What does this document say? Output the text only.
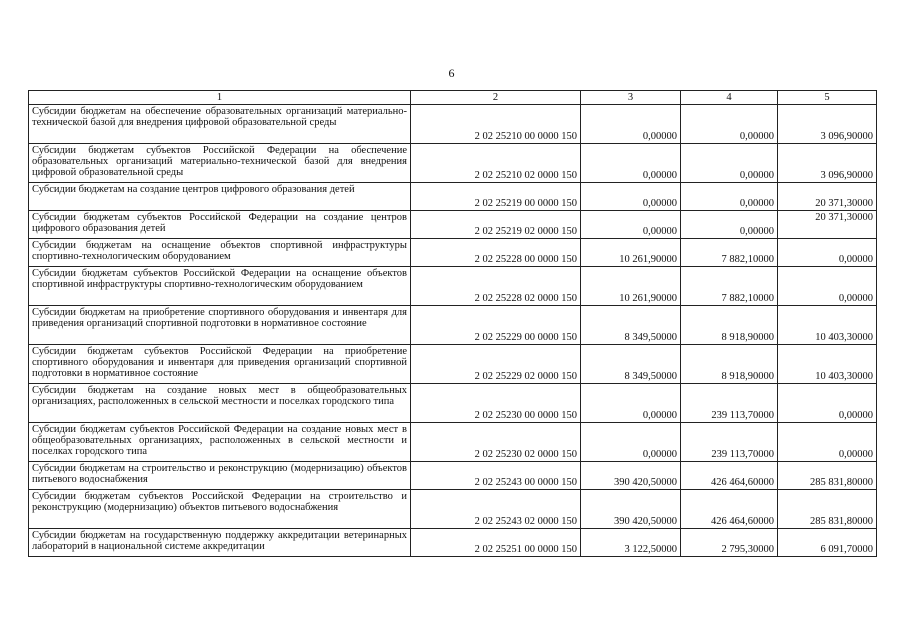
6
1	2	3	4	5
Субсидии бюджетам на обеспечение образовательных организаций материально-технической базой для внедрения цифровой образовательной среды	2 02 25210 00 0000 150	0,00000	0,00000	3 096,90000
Субсидии бюджетам субъектов Российской Федерации на обеспечение образовательных организаций материально-технической базой для внедрения цифровой образовательной среды	2 02 25210 02 0000 150	0,00000	0,00000	3 096,90000
Субсидии бюджетам на создание центров цифрового образования детей	2 02 25219 00 0000 150	0,00000	0,00000	20 371,30000
Субсидии бюджетам субъектов Российской Федерации на создание центров цифрового образования детей	2 02 25219 02 0000 150	0,00000	0,00000	20 371,30000
Субсидии бюджетам на оснащение объектов спортивной инфраструктуры спортивно-технологическим оборудованием	2 02 25228 00 0000 150	10 261,90000	7 882,10000	0,00000
Субсидии бюджетам субъектов Российской Федерации на оснащение объектов спортивной инфраструктуры спортивно-технологическим оборудованием	2 02 25228 02 0000 150	10 261,90000	7 882,10000	0,00000
Субсидии бюджетам на приобретение спортивного оборудования и инвентаря для приведения организаций спортивной подготовки в нормативное состояние	2 02 25229 00 0000 150	8 349,50000	8 918,90000	10 403,30000
Субсидии бюджетам субъектов Российской Федерации на приобретение спортивного оборудования и инвентаря для приведения организаций спортивной подготовки в нормативное состояние	2 02 25229 02 0000 150	8 349,50000	8 918,90000	10 403,30000
Субсидии бюджетам на создание новых мест в общеобразовательных организациях, расположенных в сельской местности и поселках городского типа	2 02 25230 00 0000 150	0,00000	239 113,70000	0,00000
Субсидии бюджетам субъектов Российской Федерации на создание новых мест в общеобразовательных организациях, расположенных в сельской местности и поселках городского типа	2 02 25230 02 0000 150	0,00000	239 113,70000	0,00000
Субсидии бюджетам на строительство и реконструкцию (модернизацию) объектов питьевого водоснабжения	2 02 25243 00 0000 150	390 420,50000	426 464,60000	285 831,80000
Субсидии бюджетам субъектов Российской Федерации на строительство и реконструкцию (модернизацию) объектов питьевого водоснабжения	2 02 25243 02 0000 150	390 420,50000	426 464,60000	285 831,80000
Субсидии бюджетам на государственную поддержку аккредитации ветеринарных лабораторий в национальной системе аккредитации	2 02 25251 00 0000 150	3 122,50000	2 795,30000	6 091,70000
